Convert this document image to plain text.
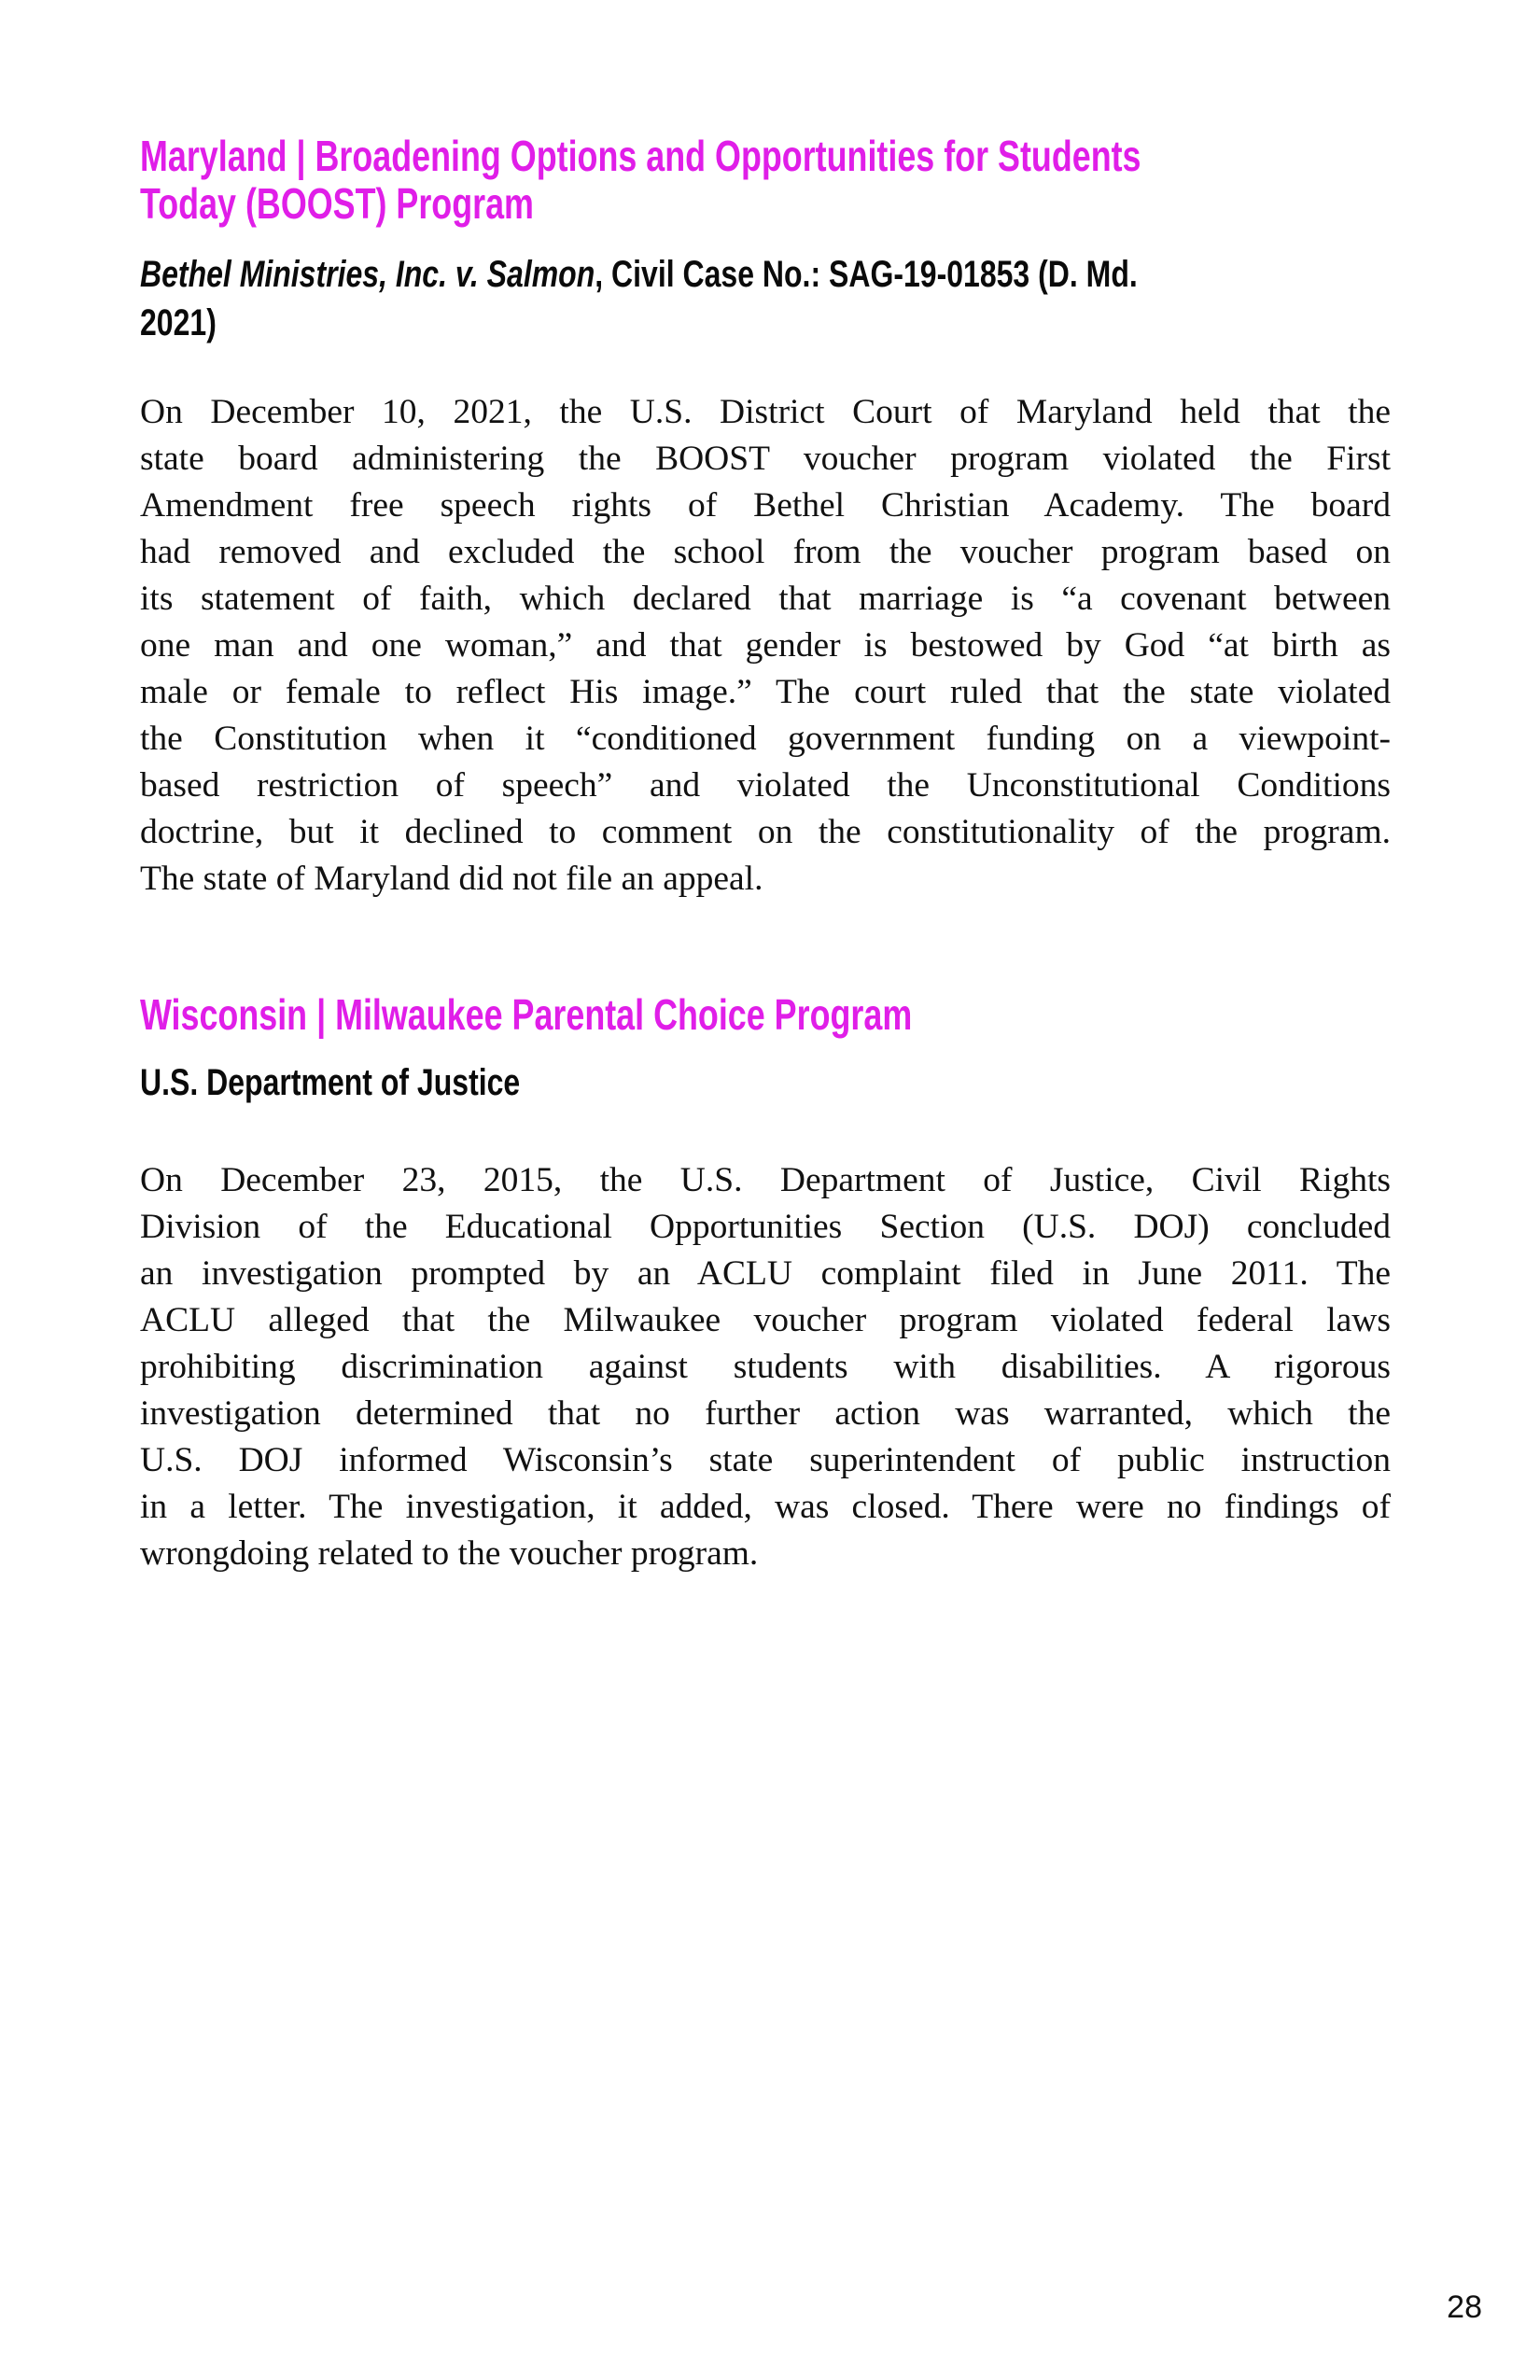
Maryland | Broadening Options and Opportunities for Students
Today (BOOST) Program
Bethel Ministries, Inc. v. Salmon, Civil Case No.: SAG-19-01853 (D. Md.
2021)
On December 10, 2021, the U.S. District Court of Maryland held that the
state board administering the BOOST voucher program violated the First
Amendment free speech rights of Bethel Christian Academy. The board
had removed and excluded the school from the voucher program based on
its statement of faith, which declared that marriage is “a covenant between
one man and one woman,” and that gender is bestowed by God “at birth as
male or female to reflect His image.” The court ruled that the state violated
the Constitution when it “conditioned government funding on a viewpoint-
based restriction of speech” and violated the Unconstitutional Conditions
doctrine, but it declined to comment on the constitutionality of the program.
The state of Maryland did not file an appeal.
Wisconsin | Milwaukee Parental Choice Program
U.S. Department of Justice
On December 23, 2015, the U.S. Department of Justice, Civil Rights
Division of the Educational Opportunities Section (U.S. DOJ) concluded
an investigation prompted by an ACLU complaint filed in June 2011. The
ACLU alleged that the Milwaukee voucher program violated federal laws
prohibiting discrimination against students with disabilities. A rigorous
investigation determined that no further action was warranted, which the
U.S. DOJ informed Wisconsin’s state superintendent of public instruction
in a letter. The investigation, it added, was closed. There were no findings of
wrongdoing related to the voucher program.
28
